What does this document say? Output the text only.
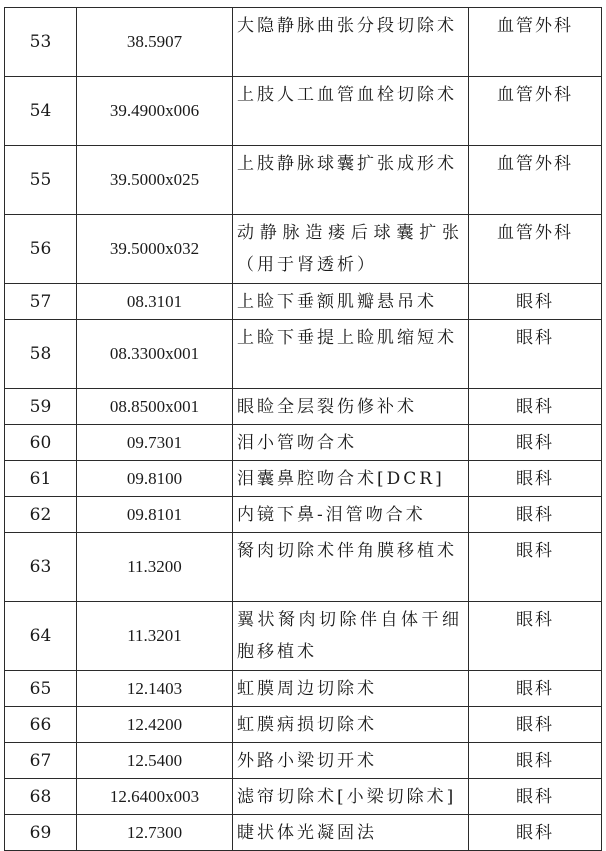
53	38.5907	大隐静脉曲张分段切除术	血管外科
54	39.4900x006	上肢人工血管血栓切除术	血管外科
55	39.5000x025	上肢静脉球囊扩张成形术	血管外科
56	39.5000x032	动静脉造瘘后球囊扩张（用于肾透析）	血管外科
57	08.3101	上睑下垂额肌瓣悬吊术	眼科
58	08.3300x001	上睑下垂提上睑肌缩短术	眼科
59	08.8500x001	眼睑全层裂伤修补术	眼科
60	09.7301	泪小管吻合术	眼科
61	09.8100	泪囊鼻腔吻合术[DCR]	眼科
62	09.8101	内镜下鼻-泪管吻合术	眼科
63	11.3200	胬肉切除术伴角膜移植术	眼科
64	11.3201	翼状胬肉切除伴自体干细胞移植术	眼科
65	12.1403	虹膜周边切除术	眼科
66	12.4200	虹膜病损切除术	眼科
67	12.5400	外路小梁切开术	眼科
68	12.6400x003	滤帘切除术[小梁切除术]	眼科
69	12.7300	睫状体光凝固法	眼科
